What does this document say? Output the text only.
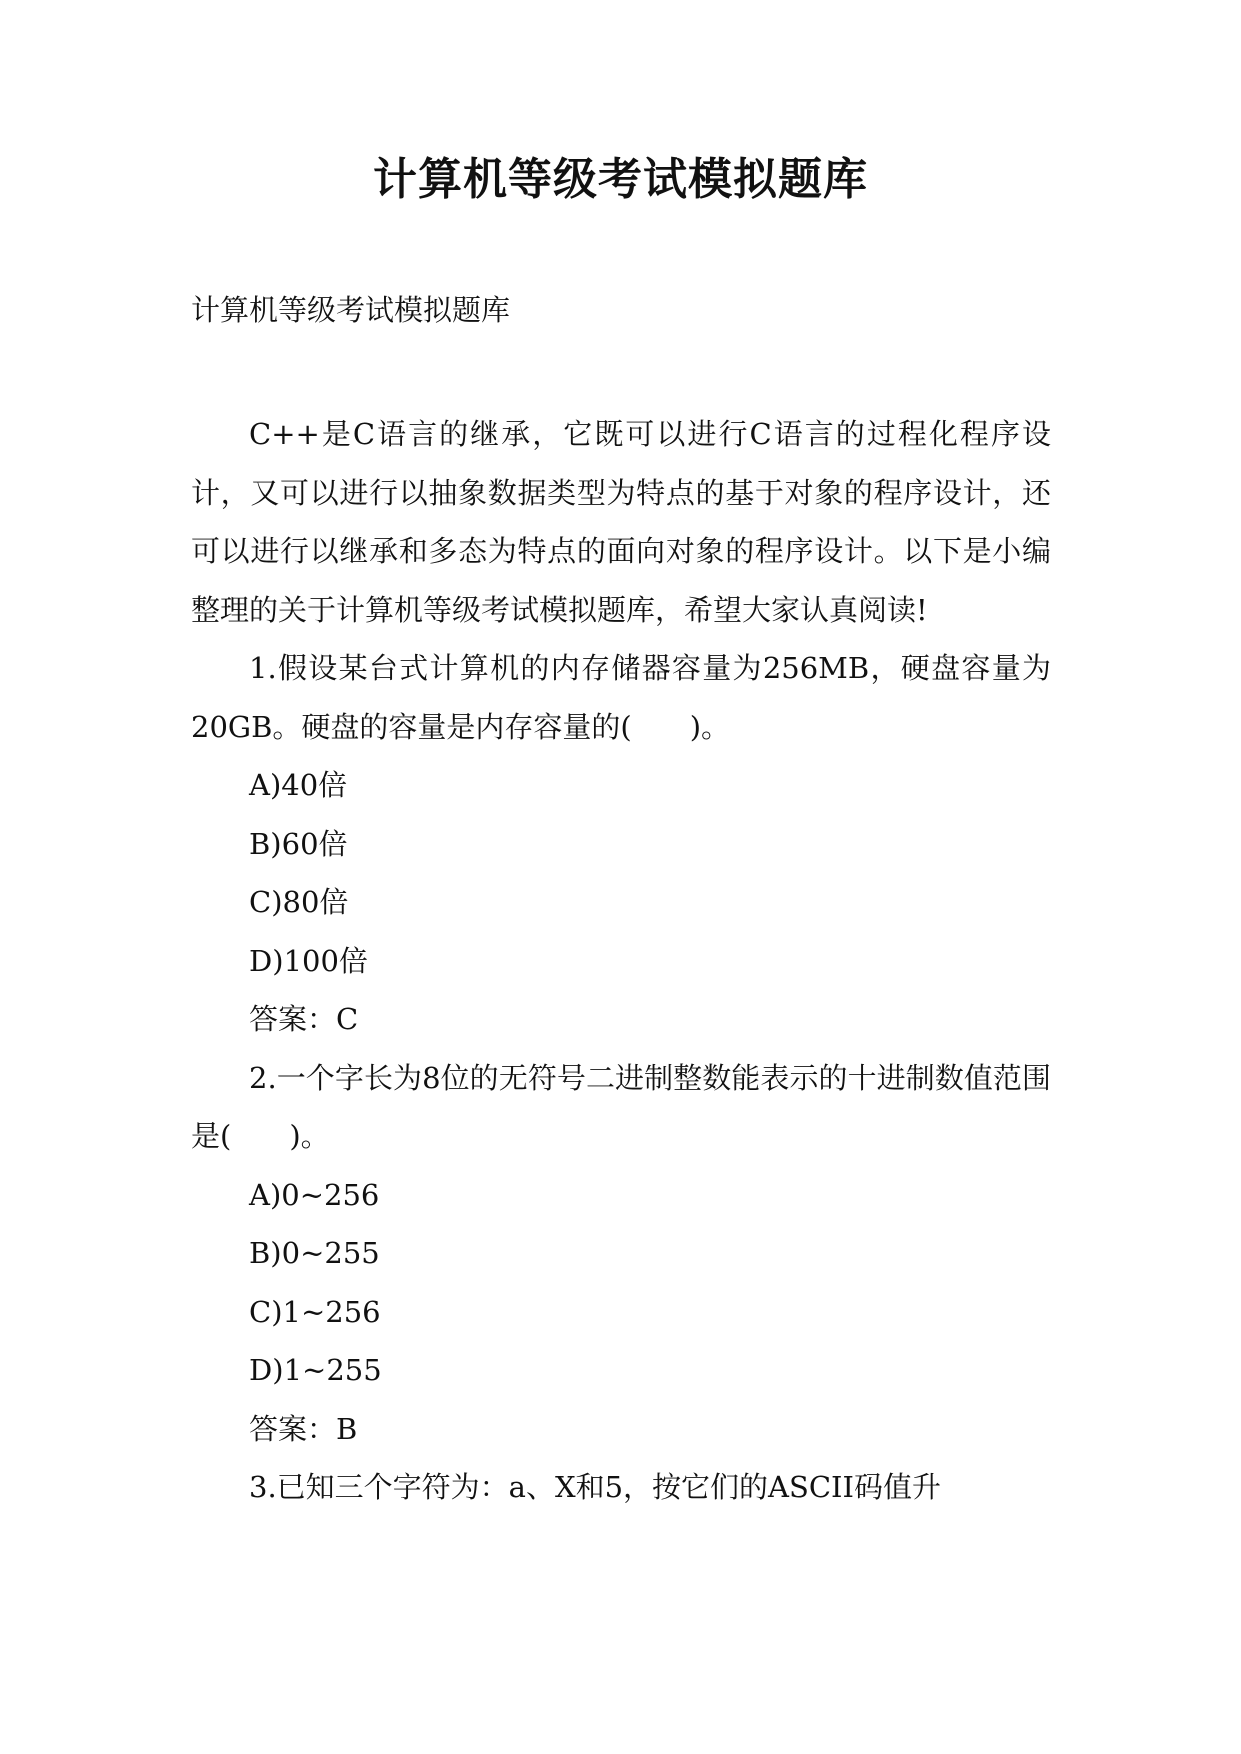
计算机等级考试模拟题库

计算机等级考试模拟题库

C++是C语言的继承，它既可以进行C语言的过程化程序设计，又可以进行以抽象数据类型为特点的基于对象的程序设计，还可以进行以继承和多态为特点的面向对象的程序设计。以下是小编整理的关于计算机等级考试模拟题库，希望大家认真阅读!

1.假设某台式计算机的内存储器容量为256MB，硬盘容量为20GB。硬盘的容量是内存容量的(　　)。

A)40倍

B)60倍

C)80倍

D)100倍

答案：C

2.一个字长为8位的无符号二进制整数能表示的十进制数值范围是(　　)。

A)0~256

B)0~255

C)1~256

D)1~255

答案：B

3.已知三个字符为：a、X和5，按它们的ASCII码值升
